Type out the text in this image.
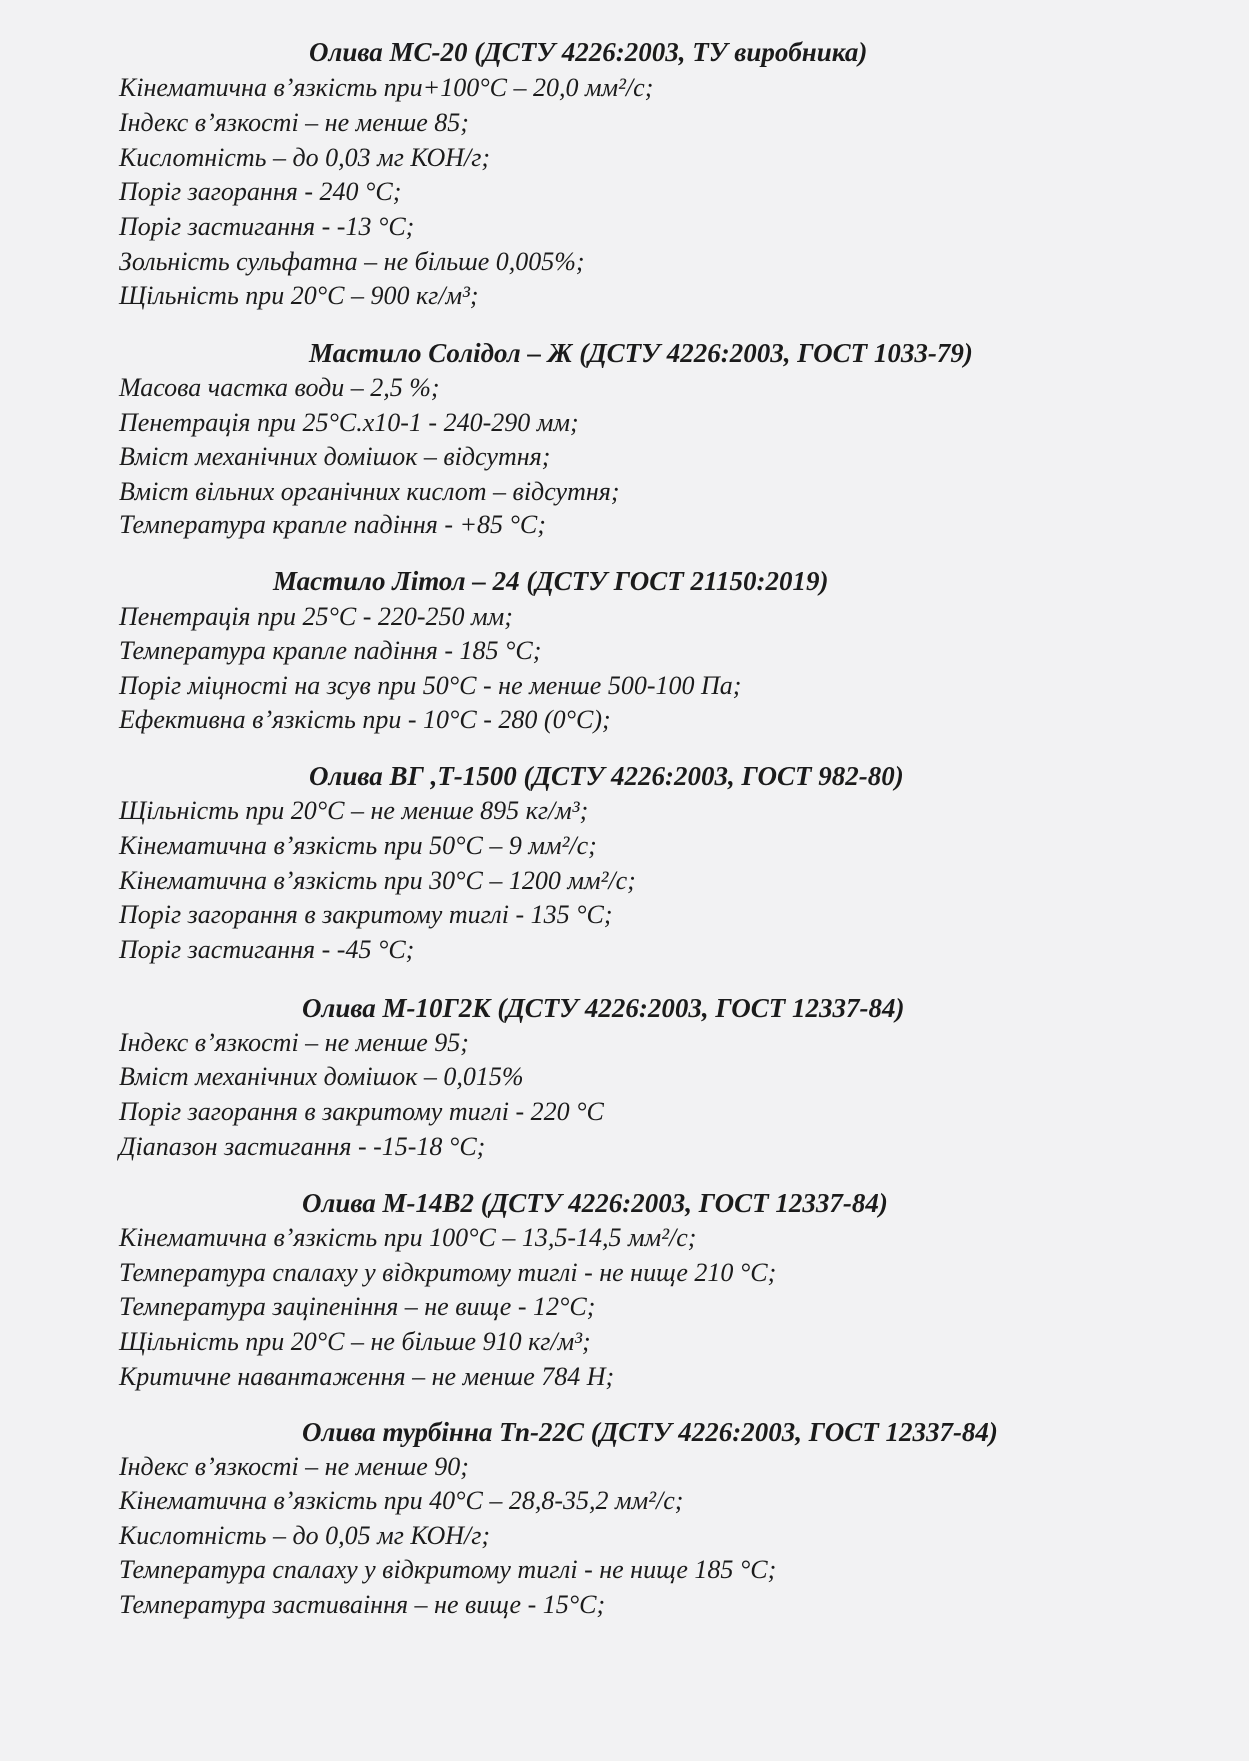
Олива МС-20 (ДСТУ 4226:2003, ТУ виробника)
Кінематична в’язкість при+100°С – 20,0 мм²/с;
Індекс в’язкості – не менше 85;
Кислотність – до 0,03 мг КОН/г;
Поріг загорання - 240 °С;
Поріг застигання - -13 °С;
Зольність сульфатна – не більше 0,005%;
Щільність при 20°С – 900 кг/м³;
Мастило Солідол – Ж (ДСТУ 4226:2003, ГОСТ 1033-79)
Масова частка води – 2,5 %;
Пенетрація при 25°С.х10-1 - 240-290 мм;
Вміст механічних домішок – відсутня;
Вміст вільних органічних кислот – відсутня;
Температура крапле падіння - +85 °С;
Мастило Літол – 24 (ДСТУ ГОСТ 21150:2019)
Пенетрація при 25°С - 220-250 мм;
Температура крапле падіння - 185 °С;
Поріг міцності на зсув при 50°С - не менше 500-100 Па;
Ефективна в’язкість при - 10°С - 280 (0°С);
Олива ВГ ,Т-1500 (ДСТУ 4226:2003, ГОСТ 982-80)
Щільність при 20°С – не менше 895 кг/м³;
Кінематична в’язкість при 50°С – 9 мм²/с;
Кінематична в’язкість при 30°С – 1200 мм²/с;
Поріг загорання в закритому тиглі - 135 °С;
Поріг застигання - -45 °С;
Олива М-10Г2К (ДСТУ 4226:2003, ГОСТ 12337-84)
Індекс в’язкості – не менше 95;
Вміст механічних домішок – 0,015%
Поріг загорання в закритому тиглі - 220 °С
Діапазон застигання - -15-18 °С;
Олива М-14В2 (ДСТУ 4226:2003, ГОСТ 12337-84)
Кінематична в’язкість при 100°С – 13,5-14,5 мм²/с;
Температура спалаху у відкритому тиглі - не нище 210 °С;
Температура заціпеніння – не вище - 12°С;
Щільність при 20°С – не більше 910 кг/м³;
Критичне навантаження – не менше 784 Н;
Олива турбінна Тп-22С (ДСТУ 4226:2003, ГОСТ 12337-84)
Індекс в’язкості – не менше 90;
Кінематична в’язкість при 40°С – 28,8-35,2 мм²/с;
Кислотність – до 0,05 мг КОН/г;
Температура спалаху у відкритому тиглі - не нище 185 °С;
Температура застиваіння – не вище - 15°С;
